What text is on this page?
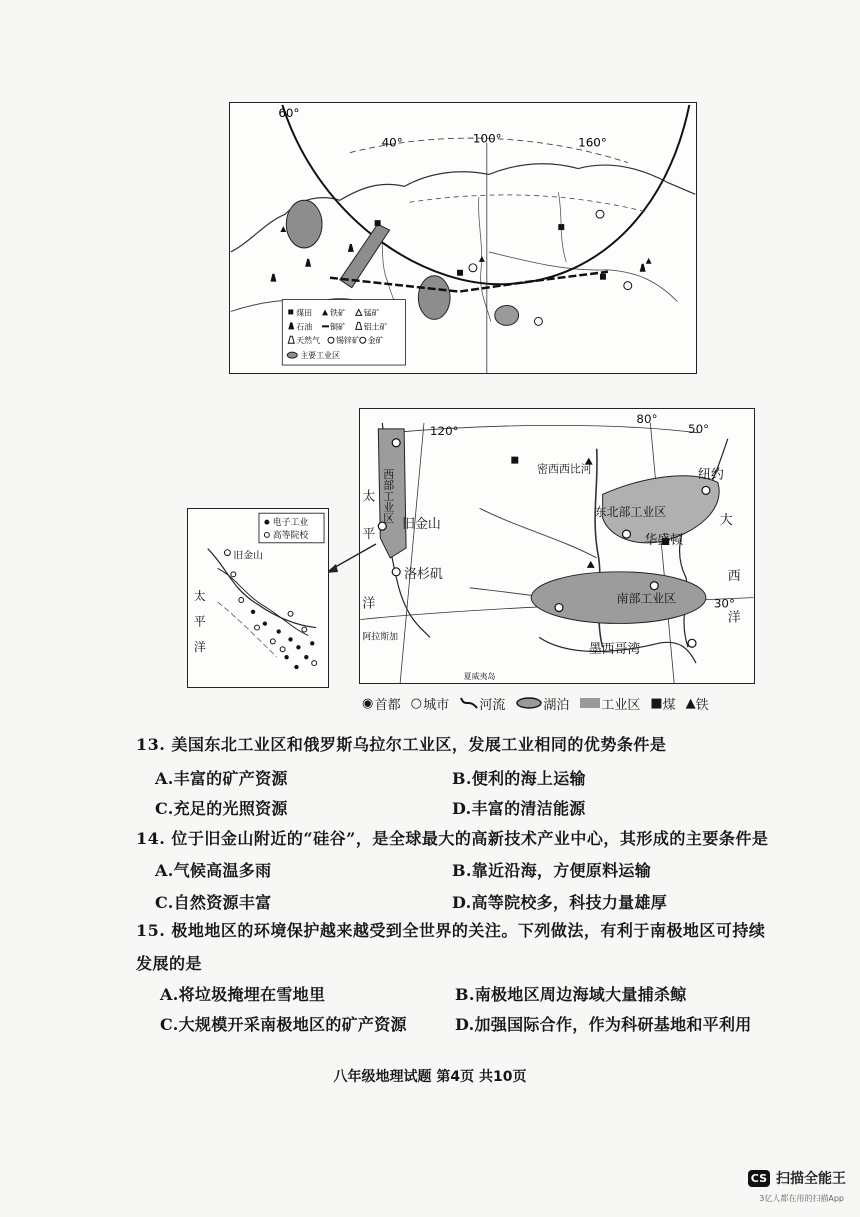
60°
40°	100°	160°
煤田 铁矿 锰矿
石油 铜矿 铝土矿
天然气 锡锌矿 金矿
主要工业区
120°
80°
50°
30°
太
平
洋
大
西
洋
旧金山
洛杉矶
纽约
华盛顿
东北部工业区
南部工业区
密西西比河
墨西哥湾
阿拉斯加
夏威夷岛
西部工业区
电子工业
高等院校
旧金山
太
平
洋
◉  首都 ○  城市 河流	湖泊 工业区 ■ 煤 ▲ 铁
13. 美国东北工业区和俄罗斯乌拉尔工业区，发展工业相同的优势条件是
A.丰富的矿产资源	B.便利的海上运输
C.充足的光照资源	D.丰富的清洁能源
14. 位于旧金山附近的“硅谷”，是全球最大的高新技术产业中心，其形成的主要条件是
A.气候高温多雨	B.靠近沿海，方便原料运输
C.自然资源丰富	D.高等院校多，科技力量雄厚
15. 极地地区的环境保护越来越受到全世界的关注。下列做法，有利于南极地区可持续发展的是
A.将垃圾掩埋在雪地里	B.南极地区周边海域大量捕杀鲸
C.大规模开采南极地区的矿产资源	D.加强国际合作，作为科研基地和平利用
八年级地理试题 第4页 共10页
CS 扫描全能王
3亿人都在用的扫描App
